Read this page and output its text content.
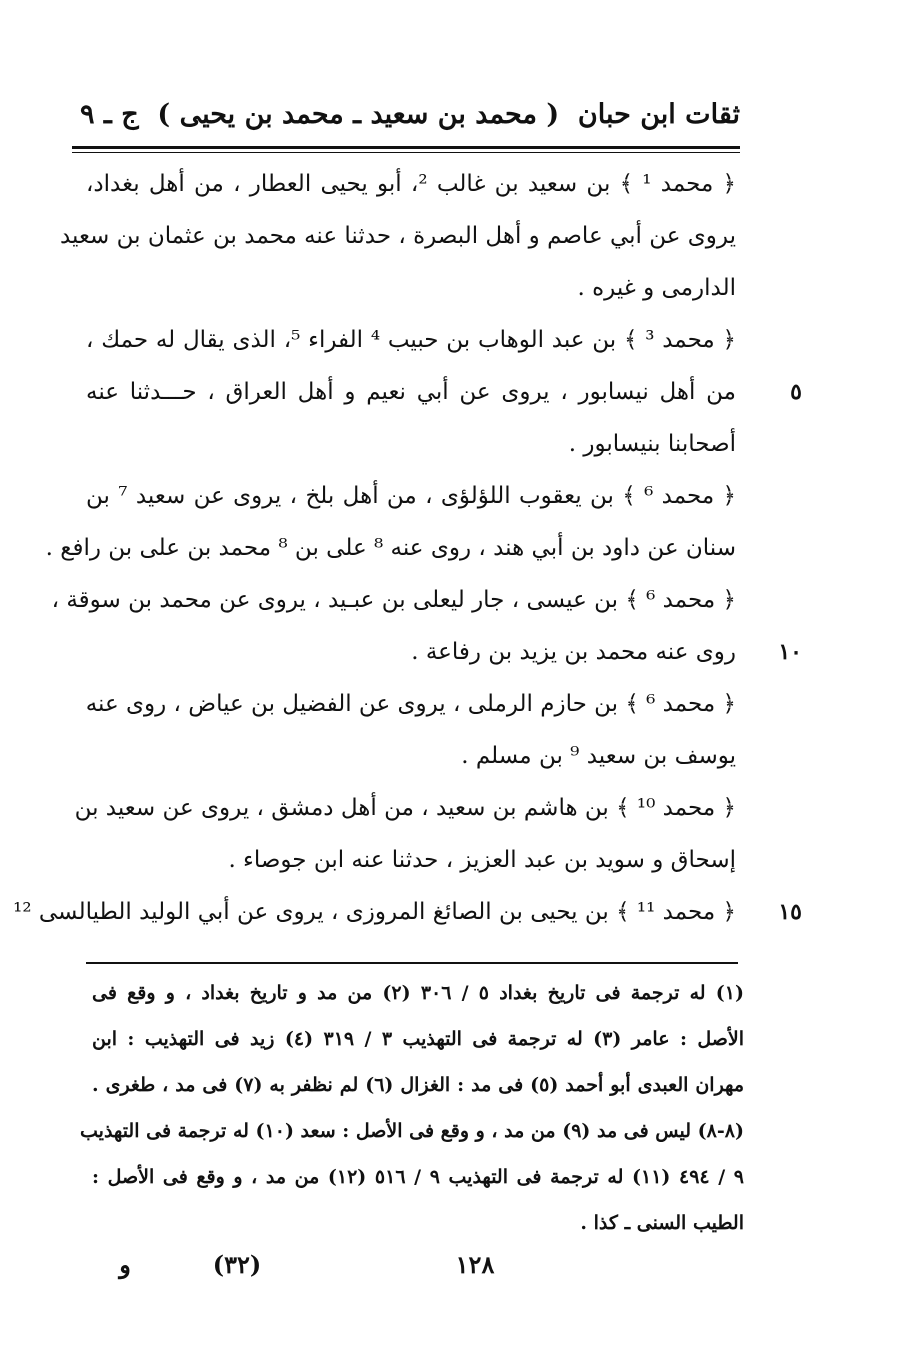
ثقات ابن حبان
( محمد بن سعيد ـ محمد بن يحيى )
ج ـ ٩
﴿ محمد ¹ ﴾ بن سعيد بن غالب ²، أبو يحيى العطار ، من أهل بغداد،
يروى عن أبي عاصم و أهل البصرة ، حدثنا عنه محمد بن عثمان بن سعيد
الدارمى و غيره .
﴿ محمد ³ ﴾ بن عبد الوهاب بن حبيب ⁴ الفراء ⁵، الذى يقال له حمك ،
من أهل نيسابور ، يروى عن أبي نعيم و أهل العراق ، حـــدثنا عنه	٥
أصحابنا بنيسابور .
﴿ محمد ⁶ ﴾ بن يعقوب اللؤلؤى ، من أهل بلخ ، يروى عن سعيد ⁷ بن
سنان عن داود بن أبي هند ، روى عنه ⁸ على بن ⁸ محمد بن على بن رافع .
﴿ محمد ⁶ ﴾ بن عيسى ، جار ليعلى بن عبـيد ، يروى عن محمد بن سوقة ،
روى عنه محمد بن يزيد بن رفاعة .	١٠
﴿ محمد ⁶ ﴾ بن حازم الرملى ، يروى عن الفضيل بن عياض ، روى عنه
يوسف بن سعيد ⁹ بن مسلم .
﴿ محمد ¹⁰ ﴾ بن هاشم بن سعيد ، من أهل دمشق ، يروى عن سعيد بن
إسحاق و سويد بن عبد العزيز ، حدثنا عنه ابن جوصاء .
﴿ محمد ¹¹ ﴾ بن يحيى بن الصائغ المروزى ، يروى عن أبي الوليد الطيالسى ¹²	١٥
(١) له ترجمة فى تاريخ بغداد ٥ / ٣٠٦ (٢) من مد و تاريخ بغداد ، و وقع فى
الأصل : عامر (٣) له ترجمة فى التهذيب ٣ / ٣١٩ (٤) زيد فى التهذيب : ابن
مهران العبدى أبو أحمد (٥) فى مد : الغزال (٦) لم نظفر به (٧) فى مد ، طغرى .
(٨-٨) ليس فى مد (٩) من مد ، و وقع فى الأصل : سعد (١٠) له ترجمة فى التهذيب
٩ / ٤٩٤ (١١) له ترجمة فى التهذيب ٩ / ٥١٦ (١٢) من مد ، و وقع فى الأصل :
الطيب السنى ـ كذا .
١٢٨
(٣٢)
و
